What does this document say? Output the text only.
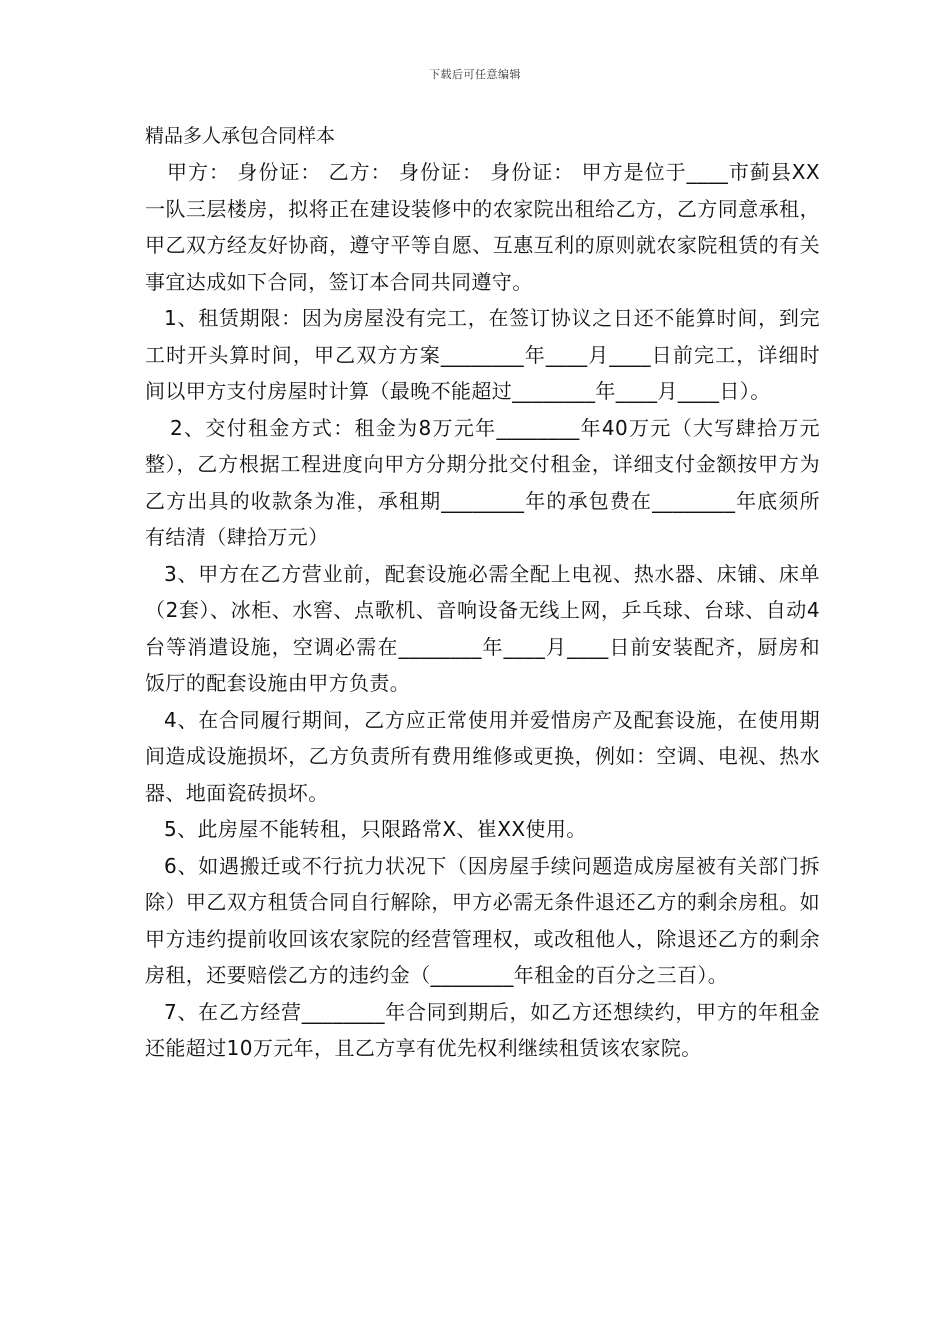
下载后可任意编辑

精品多人承包合同样本

甲方： 身份证： 乙方： 身份证： 身份证： 甲方是位于____市蓟县XX一队三层楼房，拟将正在建设装修中的农家院出租给乙方，乙方同意承租，甲乙双方经友好协商，遵守平等自愿、互惠互利的原则就农家院租赁的有关事宜达成如下合同，签订本合同共同遵守。

1、租赁期限：因为房屋没有完工，在签订协议之日还不能算时间，到完工时开头算时间，甲乙双方方案________年____月____日前完工，详细时间以甲方支付房屋时计算（最晚不能超过________年____月____日）。

2、交付租金方式：租金为8万元年________年40万元（大写肆拾万元整），乙方根据工程进度向甲方分期分批交付租金，详细支付金额按甲方为乙方出具的收款条为准，承租期________年的承包费在________年底须所有结清（肆拾万元）

3、甲方在乙方营业前，配套设施必需全配上电视、热水器、床铺、床单（2套）、冰柜、水窖、点歌机、音响设备无线上网，乒乓球、台球、自动4台等消遣设施，空调必需在________年____月____日前安装配齐，厨房和饭厅的配套设施由甲方负责。

4、在合同履行期间，乙方应正常使用并爱惜房产及配套设施，在使用期间造成设施损坏，乙方负责所有费用维修或更换，例如：空调、电视、热水器、地面瓷砖损坏。

5、此房屋不能转租，只限路常X、崔XX使用。

6、如遇搬迁或不行抗力状况下（因房屋手续问题造成房屋被有关部门拆除）甲乙双方租赁合同自行解除，甲方必需无条件退还乙方的剩余房租。如甲方违约提前收回该农家院的经营管理权，或改租他人，除退还乙方的剩余房租，还要赔偿乙方的违约金（________年租金的百分之三百）。

7、在乙方经营________年合同到期后，如乙方还想续约，甲方的年租金还能超过10万元年，且乙方享有优先权利继续租赁该农家院。
